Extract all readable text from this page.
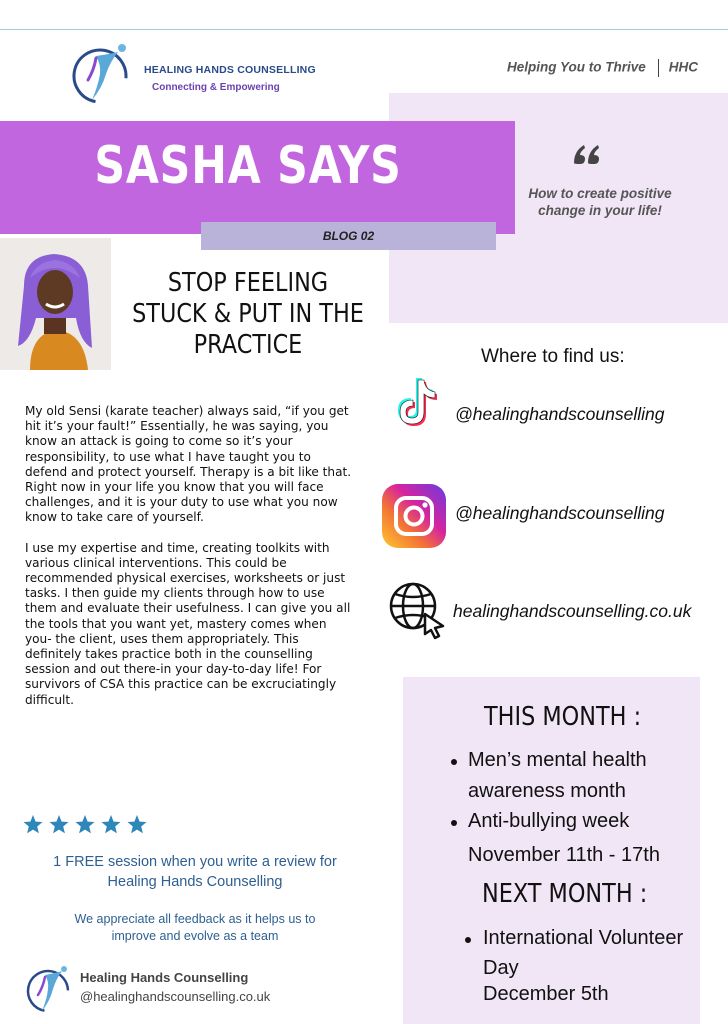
HEALING HANDS COUNSELLING
Connecting & Empowering
Helping You to Thrive HHC
How to create positive change in your life!
SASHA SAYS
BLOG 02
STOP FEELING STUCK & PUT IN THE PRACTICE

My old Sensi (karate teacher) always said, “if you get hit it’s your fault!” Essentially, he was saying, you know an attack is going to come so it’s your responsibility, to use what I have taught you to defend and protect yourself. Therapy is a bit like that. Right now in your life you know that you will face challenges, and it is your duty to use what you now know to take care of yourself.

I use my expertise and time, creating toolkits with various clinical interventions. This could be recommended physical exercises, worksheets or just tasks. I then guide my clients through how to use them and evaluate their usefulness. I can give you all the tools that you want yet, mastery comes when you- the client, uses them appropriately. This definitely takes practice both in the counselling session and out there-in your day-to-day life! For survivors of CSA this practice can be excruciatingly difficult.

Where to find us:
@healinghandscounselling
@healinghandscounselling
healinghandscounselling.co.uk
THIS MONTH :
Men’s mental health
awareness month
Anti-bullying week
November 11th - 17th
NEXT MONTH :
International Volunteer
Day
December 5th
1 FREE session when you write a review for
Healing Hands Counselling
We appreciate all feedback as it helps us to
improve and evolve as a team
Healing Hands Counselling
@healinghandscounselling.co.uk
